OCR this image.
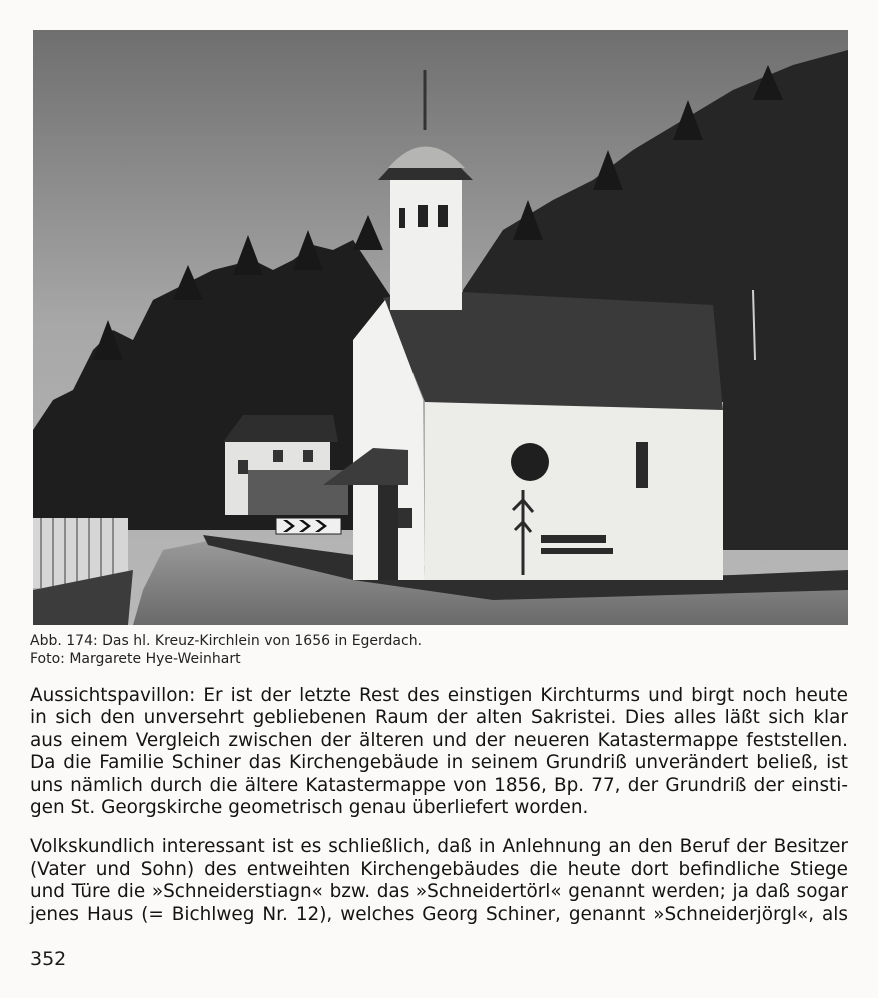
Abb. 174: Das hl. Kreuz-Kirchlein von 1656 in Egerdach.
Foto: Margarete Hye-Weinhart
Aussichtspavillon: Er ist der letzte Rest des einstigen Kirchturms und birgt noch heute
in sich den unversehrt gebliebenen Raum der alten Sakristei. Dies alles läßt sich klar
aus einem Vergleich zwischen der älteren und der neueren Katastermappe feststellen.
Da die Familie Schiner das Kirchengebäude in seinem Grundriß unverändert beließ, ist
uns nämlich durch die ältere Katastermappe von 1856, Bp. 77, der Grundriß der einsti-
gen St. Georgskirche geometrisch genau überliefert worden.
Volkskundlich interessant ist es schließlich, daß in Anlehnung an den Beruf der Besitzer
(Vater und Sohn) des entweihten Kirchengebäudes die heute dort befindliche Stiege
und Türe die »Schneiderstiagn« bzw. das »Schneidertörl« genannt werden; ja daß sogar
jenes Haus (= Bichlweg Nr. 12), welches Georg Schiner, genannt »Schneiderjörgl«, als
352
